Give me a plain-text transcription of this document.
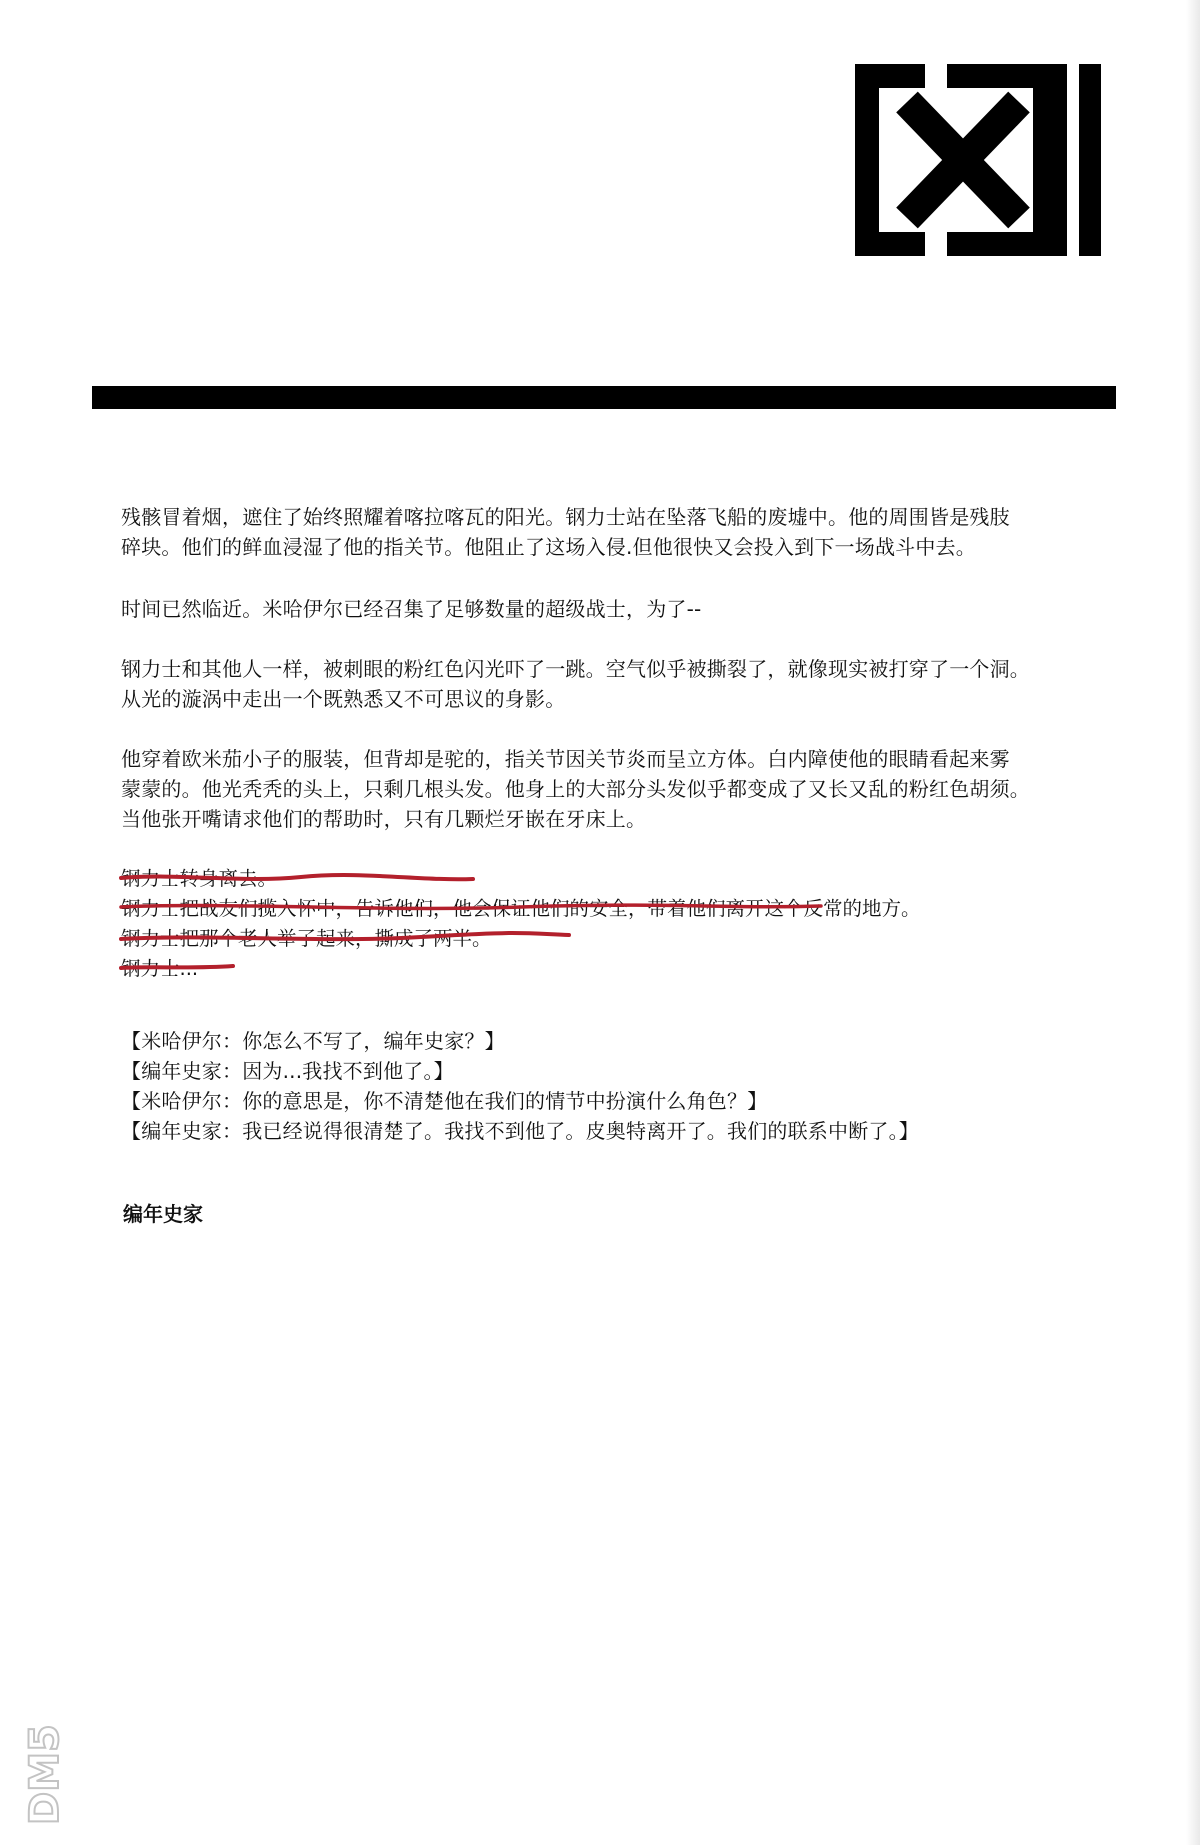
残骸冒着烟，遮住了始终照耀着喀拉喀瓦的阳光。钢力士站在坠落飞船的废墟中。他的周围皆是残肢
碎块。他们的鲜血浸湿了他的指关节。他阻止了这场入侵.但他很快又会投入到下一场战斗中去。

时间已然临近。米哈伊尔已经召集了足够数量的超级战士，为了--

钢力士和其他人一样，被刺眼的粉红色闪光吓了一跳。空气似乎被撕裂了，就像现实被打穿了一个洞。
从光的漩涡中走出一个既熟悉又不可思议的身影。

他穿着欧米茄小子的服装，但背却是驼的，指关节因关节炎而呈立方体。白内障使他的眼睛看起来雾
蒙蒙的。他光秃秃的头上，只剩几根头发。他身上的大部分头发似乎都变成了又长又乱的粉红色胡须。
当他张开嘴请求他们的帮助时，只有几颗烂牙嵌在牙床上。

钢力士转身离去。
钢力士把战友们揽入怀中，告诉他们，他会保证他们的安全，带着他们离开这个反常的地方。
钢力士把那个老人举了起来，撕成了两半。
钢力士...

【米哈伊尔：你怎么不写了，编年史家？】
【编年史家：因为...我找不到他了。】
【米哈伊尔：你的意思是，你不清楚他在我们的情节中扮演什么角色？】
【编年史家：我已经说得很清楚了。我找不到他了。皮奥特离开了。我们的联系中断了。】

编年史家
DM5
